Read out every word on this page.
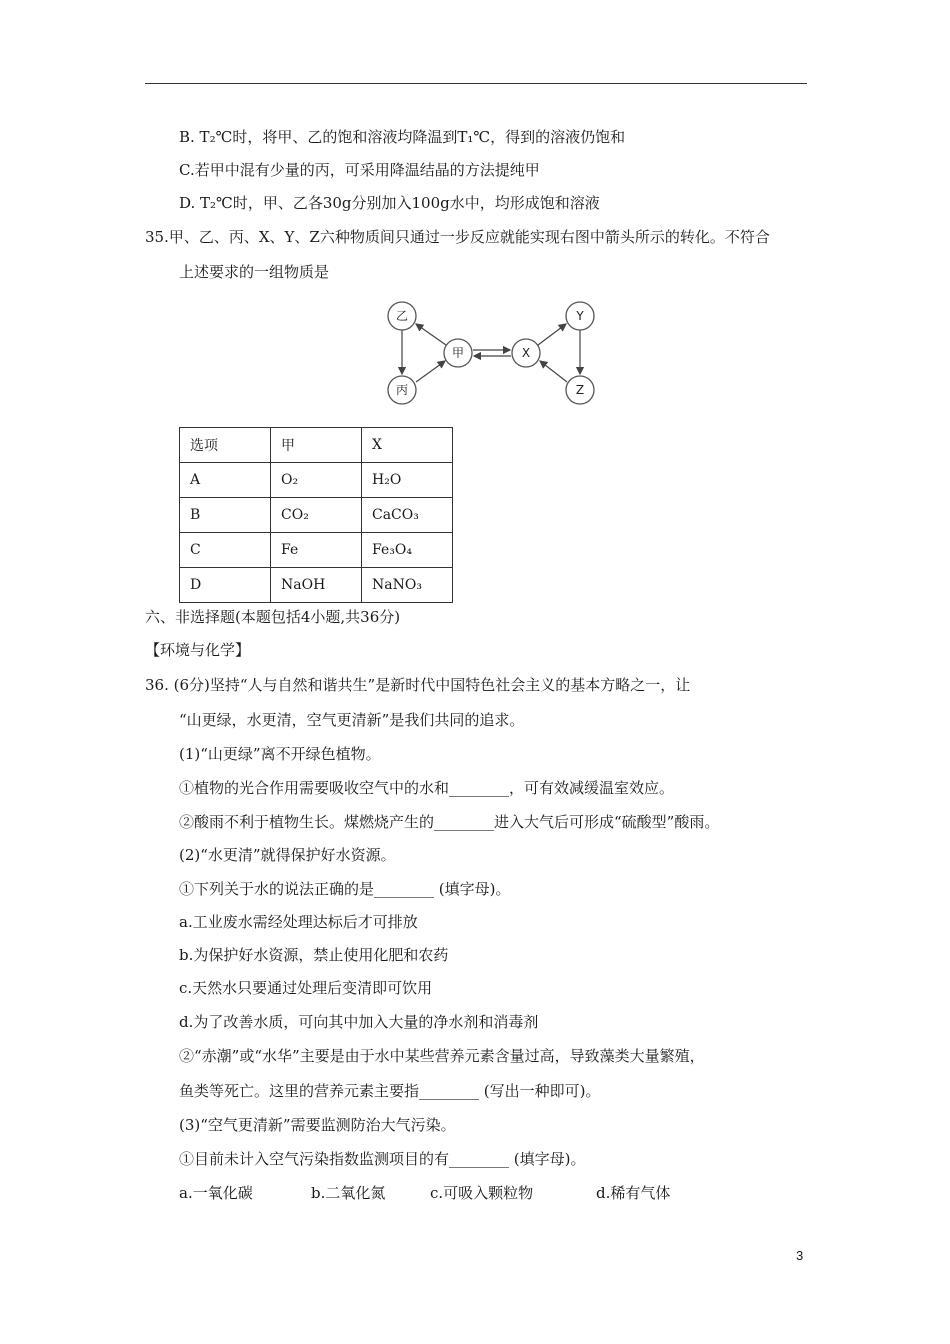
B. T₂℃时，将甲、乙的饱和溶液均降温到T₁℃，得到的溶液仍饱和
C.若甲中混有少量的丙，可采用降温结晶的方法提纯甲
D. T₂℃时，甲、乙各30g分别加入100g水中，均形成饱和溶液
35.甲、乙、丙、X、Y、Z六种物质间只通过一步反应就能实现右图中箭头所示的转化。不符合
上述要求的一组物质是
乙
甲
丙
X
Y
Z
选项	甲	X
A	O₂	H₂O
B	CO₂	CaCO₃
C	Fe	Fe₃O₄
D	NaOH	NaNO₃
六、非选择题(本题包括4小题,共36分)
【环境与化学】
36. (6分)坚持“人与自然和谐共生”是新时代中国特色社会主义的基本方略之一，让
“山更绿，水更清，空气更清新”是我们共同的追求。
(1)“山更绿”离不开绿色植物。
①植物的光合作用需要吸收空气中的水和________，可有效减缓温室效应。
②酸雨不利于植物生长。煤燃烧产生的________进入大气后可形成“硫酸型”酸雨。
(2)“水更清”就得保护好水资源。
①下列关于水的说法正确的是________ (填字母)。
a.工业废水需经处理达标后才可排放
b.为保护好水资源，禁止使用化肥和农药
c.天然水只要通过处理后变清即可饮用
d.为了改善水质，可向其中加入大量的净水剂和消毒剂
②“赤潮”或“水华”主要是由于水中某些营养元素含量过高，导致藻类大量繁殖，
鱼类等死亡。这里的营养元素主要指________ (写出一种即可)。
(3)“空气更清新”需要监测防治大气污染。
①目前未计入空气污染指数监测项目的有________ (填字母)。
a.一氧化碳	b.二氧化氮	c.可吸入颗粒物	d.稀有气体
3
